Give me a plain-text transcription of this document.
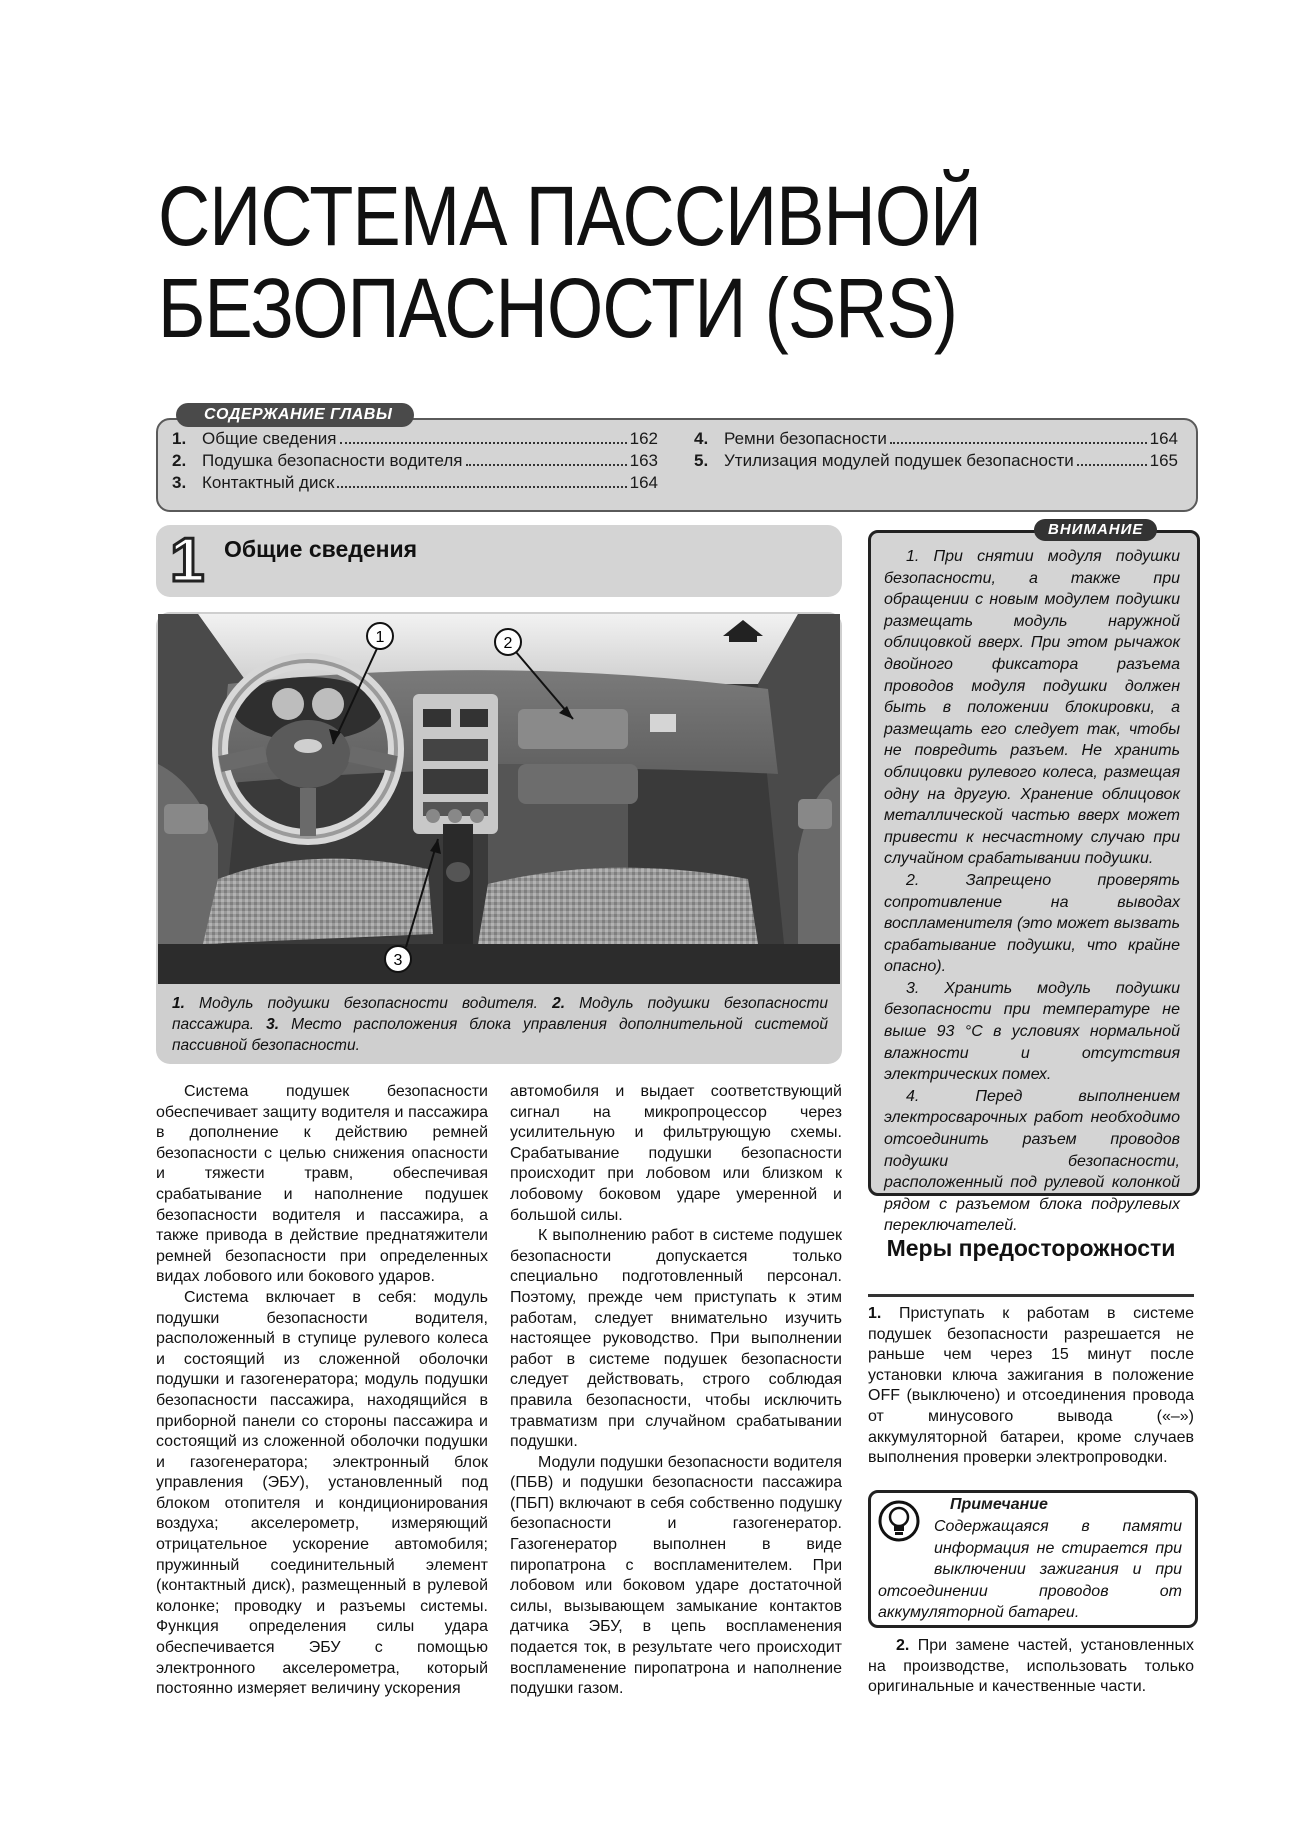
СИСТЕМА ПАССИВНОЙ
БЕЗОПАСНОСТИ (SRS)
СОДЕРЖАНИЕ ГЛАВЫ
1. Общие сведения	162
2. Подушка безопасности водителя	163
3. Контактный диск	164
4. Ремни безопасности	164
5. Утилизация модулей подушек безопасности	165
1 Общие сведения
1	2
3
1. Модуль подушки безопасности водителя. 2. Модуль подушки безопасности пассажира. 3. Место расположения блока управления дополнительной системой пассивной безопасности.
ВНИМАНИЕ

1. При снятии модуля подушки безопасности, а также при обращении с новым модулем подушки размещать модуль наружной облицовкой вверх. При этом рычажок двойного фиксатора разъема проводов модуля подушки должен быть в положении блокировки, а размещать его следует так, чтобы не повредить разъем. Не хранить облицовки рулевого колеса, размещая одну на другую. Хранение облицовок металлической частью вверх может привести к несчастному случаю при случайном срабатывании подушки.

2. Запрещено проверять сопротивление на выводах воспламенителя (это может вызвать срабатывание подушки, что крайне опасно).

3. Хранить модуль подушки безопасности при температуре не выше 93 °С в условиях нормальной влажности и отсутствия электрических помех.

4. Перед выполнением электросварочных работ необходимо отсоединить разъем проводов подушки безопасности, расположенный под рулевой колонкой рядом с разъемом блока подрулевых переключателей.

Система подушек безопасности обеспечивает защиту водителя и пассажира в дополнение к действию ремней безопасности с целью снижения опасности и тяжести травм, обеспечивая срабатывание и наполнение подушек безопасности водителя и пассажира, а также привода в действие преднатяжители ремней безопасности при определенных видах лобового или бокового ударов.

Система включает в себя: модуль подушки безопасности водителя, расположенный в ступице рулевого колеса и состоящий из сложенной оболочки подушки и газогенератора; модуль подушки безопасности пассажира, находящийся в приборной панели со стороны пассажира и состоящий из сложенной оболочки подушки и газогенератора; электронный блок управления (ЭБУ), установленный под блоком отопителя и кондиционирования воздуха; акселерометр, измеряющий отрицательное ускорение автомобиля; пружинный соединительный элемент (контактный диск), размещенный в рулевой колонке; проводку и разъемы системы. Функция определения силы удара обеспечивается ЭБУ с помощью электронного акселерометра, который постоянно измеряет величину ускорения

автомобиля и выдает соответствующий сигнал на микропроцессор через усилительную и фильтрующую схемы. Срабатывание подушки безопасности происходит при лобовом или близком к лобовому боковом ударе умеренной и большой силы.

К выполнению работ в системе подушек безопасности допускается только специально подготовленный персонал. Поэтому, прежде чем приступать к этим работам, следует внимательно изучить настоящее руководство. При выполнении работ в системе подушек безопасности следует действовать, строго соблюдая правила безопасности, чтобы исключить травматизм при случайном срабатывании подушки.

Модули подушки безопасности водителя (ПБВ) и подушки безопасности пассажира (ПБП) включают в себя собственно подушку безопасности и газогенератор. Газогенератор выполнен в виде пиропатрона с воспламенителем. При лобовом или боковом ударе достаточной силы, вызывающем замыкание контактов датчика ЭБУ, в цепь воспламенения подается ток, в результате чего происходит воспламенение пиропатрона и наполнение подушки газом.

Меры предосторожности

1. Приступать к работам в системе подушек безопасности разрешается не раньше чем через 15 минут после установки ключа зажигания в положение OFF (выключено) и отсоединения провода от минусового вывода («–») аккумуляторной батареи, кроме случаев выполнения проверки электропроводки.

Примечание
Содержащаяся в памяти информация не стирается при выключении зажигания и при отсоединении проводов от аккумуляторной батареи.

2. При замене частей, установленных на производстве, использовать только оригинальные и качественные части.
